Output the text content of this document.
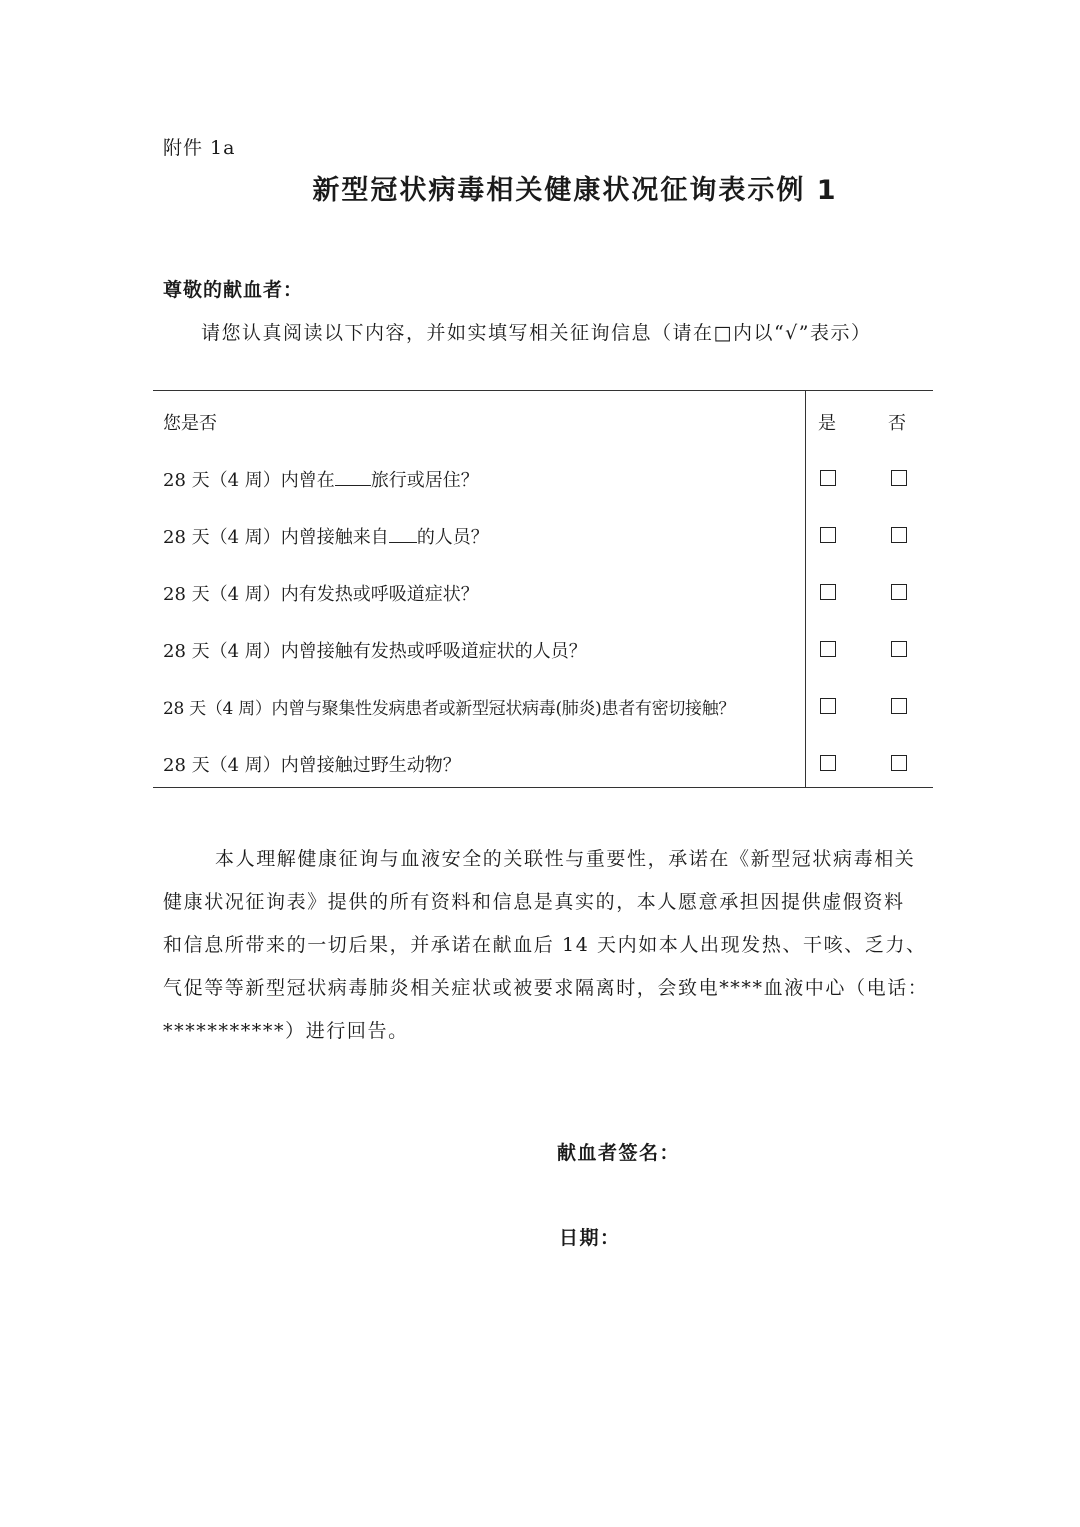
附件 1a
新型冠状病毒相关健康状况征询表示例 1
尊敬的献血者：
请您认真阅读以下内容，并如实填写相关征询信息（请在□内以“√”表示）
您是否	是	否
28 天（4 周）内曾在 旅行或居住？
28 天（4 周）内曾接触来自 的人员？
28 天（4 周）内有发热或呼吸道症状？
28 天（4 周）内曾接触有发热或呼吸道症状的人员？
28 天（4 周）内曾与聚集性发病患者或新型冠状病毒(肺炎)患者有密切接触？
28 天（4 周）内曾接触过野生动物？
本人理解健康征询与血液安全的关联性与重要性，承诺在《新型冠状病毒相关
健康状况征询表》提供的所有资料和信息是真实的，本人愿意承担因提供虚假资料
和信息所带来的一切后果，并承诺在献血后 14 天内如本人出现发热、干咳、乏力、
气促等等新型冠状病毒肺炎相关症状或被要求隔离时，会致电****血液中心（电话：
***********）进行回告。
献血者签名：
日期：
